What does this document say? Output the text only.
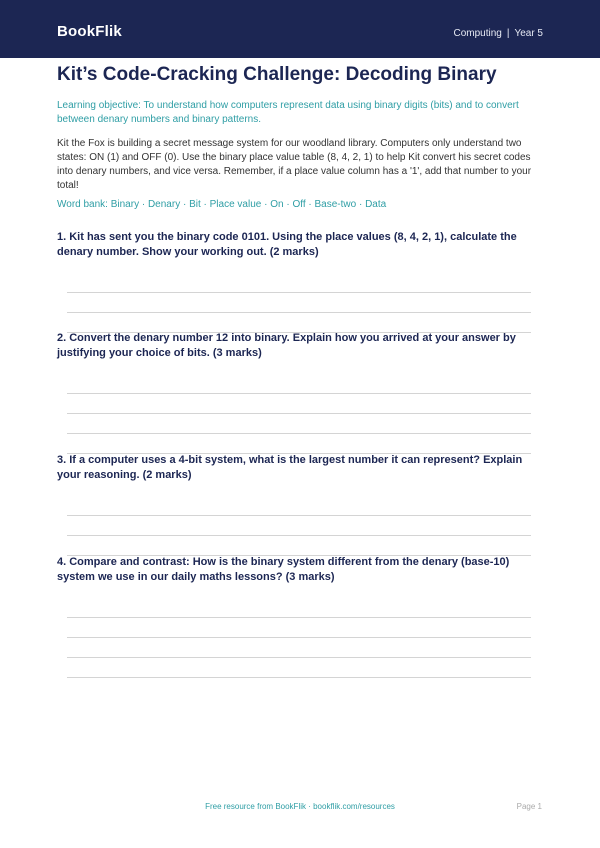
BookFlik	Computing | Year 5
Kit’s Code-Cracking Challenge: Decoding Binary

Learning objective: To understand how computers represent data using binary digits (bits) and to convert between denary numbers and binary patterns.

Kit the Fox is building a secret message system for our woodland library. Computers only understand two states: ON (1) and OFF (0). Use the binary place value table (8, 4, 2, 1) to help Kit convert his secret codes into denary numbers, and vice versa. Remember, if a place value column has a '1', add that number to your total!

Word bank: Binary · Denary · Bit · Place value · On · Off · Base-two · Data

1. Kit has sent you the binary code 0101. Using the place values (8, 4, 2, 1), calculate the denary number. Show your working out. (2 marks)

2. Convert the denary number 12 into binary. Explain how you arrived at your answer by justifying your choice of bits. (3 marks)

3. If a computer uses a 4-bit system, what is the largest number it can represent? Explain your reasoning. (2 marks)

4. Compare and contrast: How is the binary system different from the denary (base-10) system we use in our daily maths lessons? (3 marks)

Free resource from BookFlik · bookflik.com/resources	Page 1
